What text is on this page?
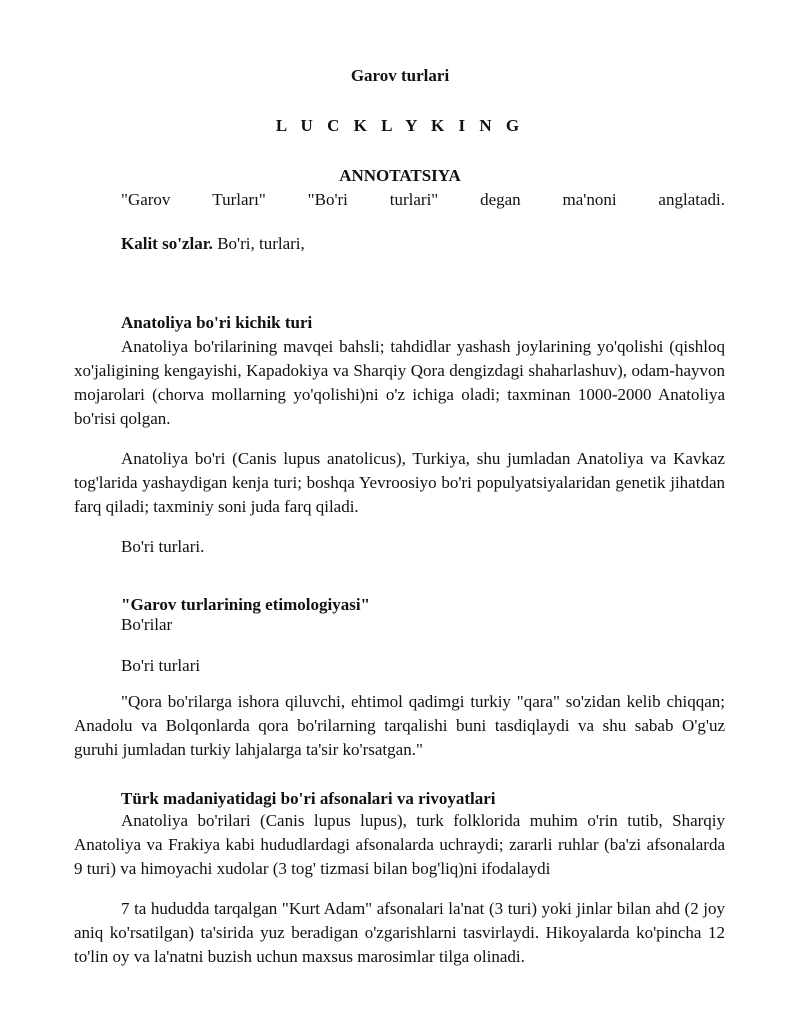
Garov turlari
L U C K L Y K I N G
ANNOTATSIYA
"Garov Turları" "Bo'ri turlari" degan ma'noni anglatadi.
Kalit so'zlar. Bo'ri, turlari,
Anatoliya bo'ri kichik turi
Anatoliya bo'rilarining mavqei bahsli; tahdidlar yashash joylarining yo'qolishi (qishloq xo'jaligining kengayishi, Kapadokiya va Sharqiy Qora dengizdagi shaharlashuv), odam-hayvon mojarolari (chorva mollarning yo'qolishi)ni o'z ichiga oladi; taxminan 1000-2000 Anatoliya bo'risi qolgan.
Anatoliya bo'ri (Canis lupus anatolicus), Turkiya, shu jumladan Anatoliya va Kavkaz tog'larida yashaydigan kenja turi; boshqa Yevroosiyo bo'ri populyatsiyalaridan genetik jihatdan farq qiladi; taxminiy soni juda farq qiladi.
Bo'ri turlari.
"Garov turlarining etimologiyasi"
Bo'rilar
Bo'ri turlari
"Qora bo'rilarga ishora qiluvchi, ehtimol qadimgi turkiy "qara" so'zidan kelib chiqqan; Anadolu va Bolqonlarda qora bo'rilarning tarqalishi buni tasdiqlaydi va shu sabab O'g'uz guruhi jumladan turkiy lahjalarga ta'sir ko'rsatgan."
Türk madaniyatidagi bo'ri afsonalari va rivoyatlari
Anatoliya bo'rilari (Canis lupus lupus), turk folklorida muhim o'rin tutib, Sharqiy Anatoliya va Frakiya kabi hududlardagi afsonalarda uchraydi; zararli ruhlar (ba'zi afsonalarda 9 turi) va himoyachi xudolar (3 tog' tizmasi bilan bog'liq)ni ifodalaydi
7 ta hududda tarqalgan "Kurt Adam" afsonalari la'nat (3 turi) yoki jinlar bilan ahd (2 joy aniq ko'rsatilgan) ta'sirida yuz beradigan o'zgarishlarni tasvirlaydi. Hikoyalarda ko'pincha 12 to'lin oy va la'natni buzish uchun maxsus marosimlar tilga olinadi.
